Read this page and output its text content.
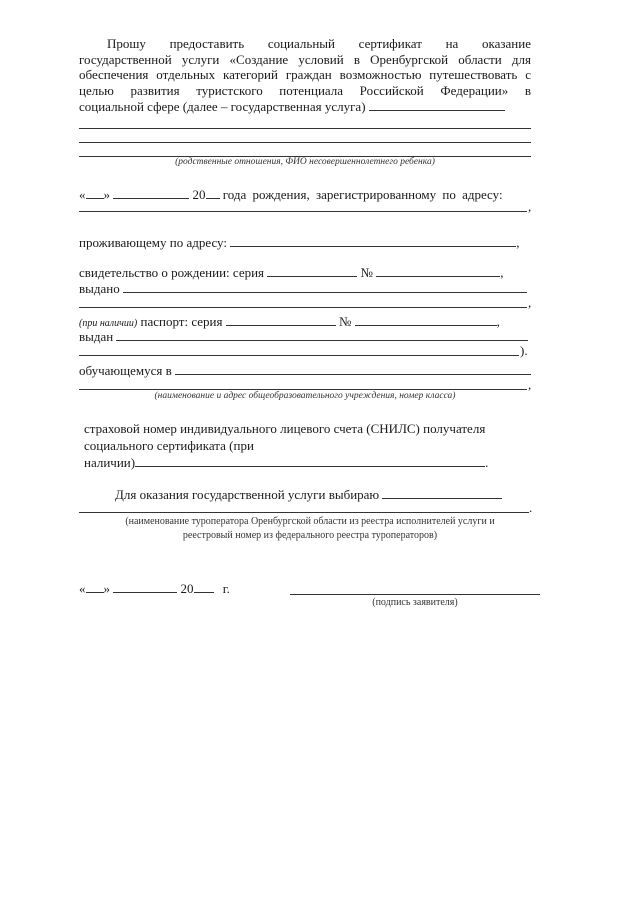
Прошу предоставить социальный сертификат на оказание
государственной услуги «Создание условий в Оренбургской области для
обеспечения отдельных категорий граждан возможностью путешествовать с
целью развития туристского потенциала Российской Федерации» в
социальной сфере (далее – государственная услуга)
(родственные отношения, ФИО несовершеннолетнего ребенка)
« »	20 года рождения, зарегистрированному по адресу:
,
проживающему по адресу:	,
свидетельство о рождении: серия	№	,
выдано
,
(при наличии) паспорт: серия	№	,
выдан
).
обучающемуся в
,
(наименование и адрес общеобразовательного учреждения, номер класса)
страховой номер индивидуального лицевого счета (СНИЛС) получателя
социального сертификата (при
наличии)	.
Для оказания государственной услуги выбираю
.
(наименование туроператора Оренбургской области из реестра исполнителей услуги и
реестровый номер из федерального реестра туроператоров)
« »	20 г.
(подпись заявителя)
